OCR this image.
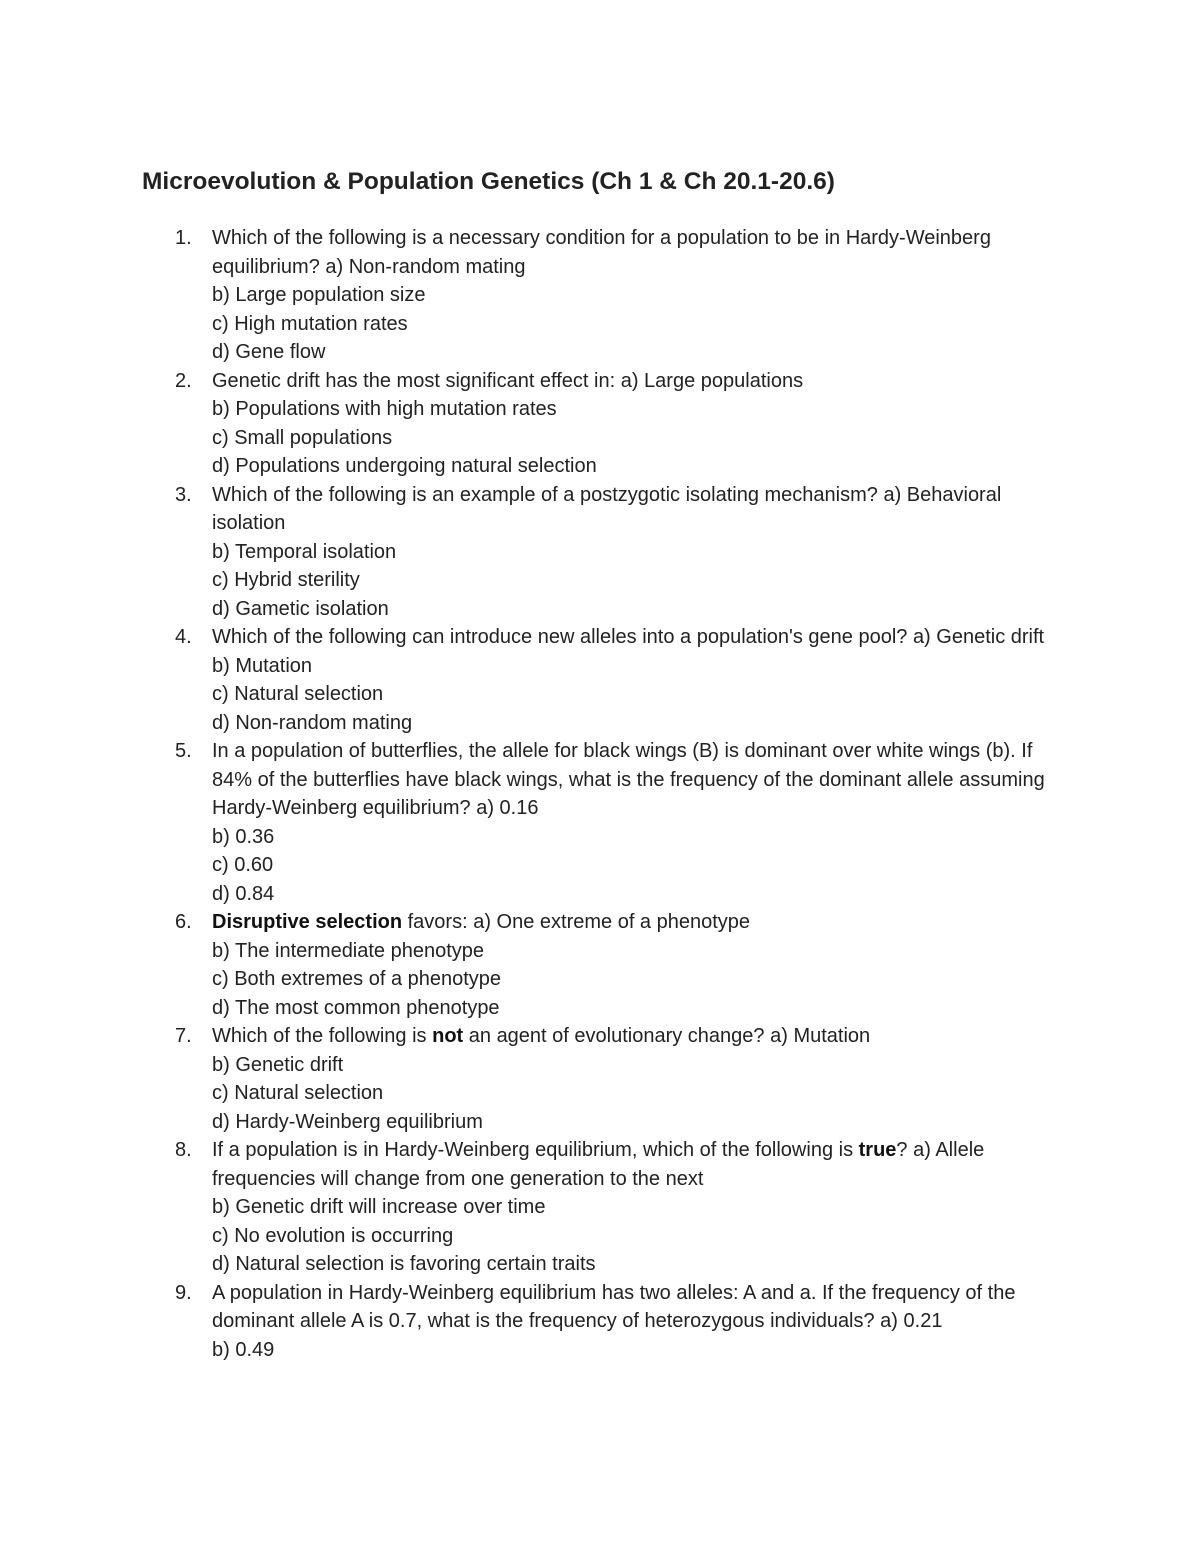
Microevolution & Population Genetics (Ch 1 & Ch 20.1-20.6)
1.	Which of the following is a necessary condition for a population to be in Hardy-Weinberg equilibrium? a) Non-random mating
b) Large population size
c) High mutation rates
d) Gene flow
2.	Genetic drift has the most significant effect in: a) Large populations
b) Populations with high mutation rates
c) Small populations
d) Populations undergoing natural selection
3.	Which of the following is an example of a postzygotic isolating mechanism? a) Behavioral isolation
b) Temporal isolation
c) Hybrid sterility
d) Gametic isolation
4.	Which of the following can introduce new alleles into a population's gene pool? a) Genetic drift
b) Mutation
c) Natural selection
d) Non-random mating
5.	In a population of butterflies, the allele for black wings (B) is dominant over white wings (b). If 84% of the butterflies have black wings, what is the frequency of the dominant allele assuming Hardy-Weinberg equilibrium? a) 0.16
b) 0.36
c) 0.60
d) 0.84
6.	Disruptive selection favors: a) One extreme of a phenotype
b) The intermediate phenotype
c) Both extremes of a phenotype
d) The most common phenotype
7.	Which of the following is not an agent of evolutionary change? a) Mutation
b) Genetic drift
c) Natural selection
d) Hardy-Weinberg equilibrium
8.	If a population is in Hardy-Weinberg equilibrium, which of the following is true? a) Allele frequencies will change from one generation to the next
b) Genetic drift will increase over time
c) No evolution is occurring
d) Natural selection is favoring certain traits
9.	A population in Hardy-Weinberg equilibrium has two alleles: A and a. If the frequency of the dominant allele A is 0.7, what is the frequency of heterozygous individuals? a) 0.21
b) 0.49
